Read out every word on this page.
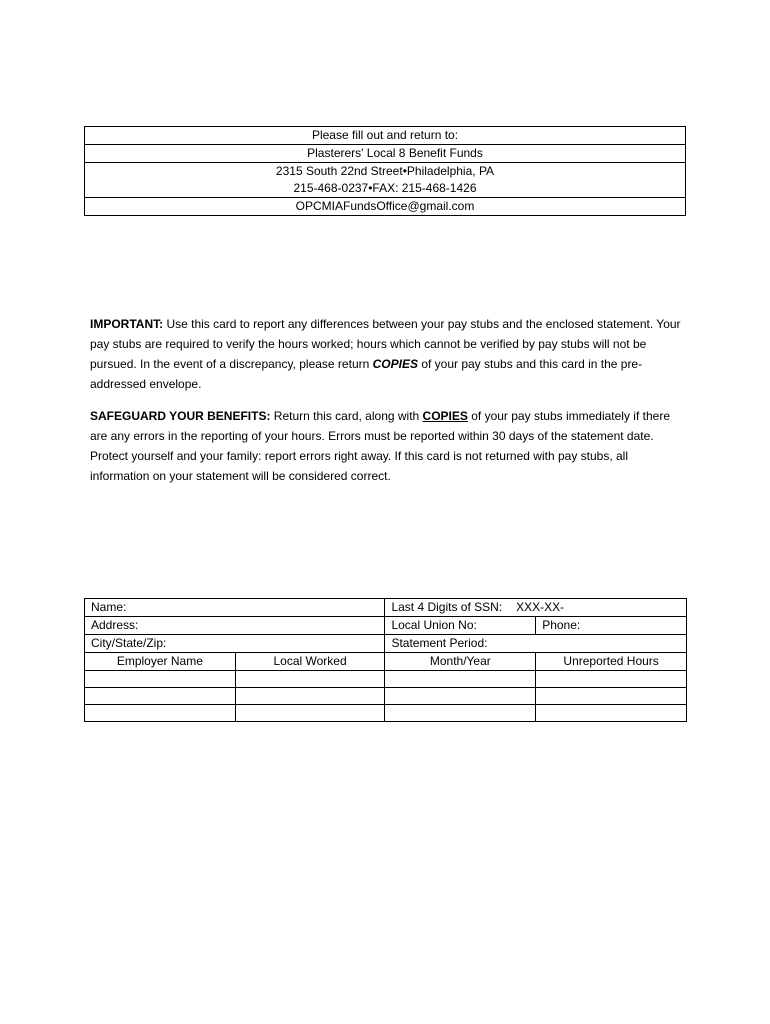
Please fill out and return to:
Plasterers' Local 8 Benefit Funds
2315 South 22nd Street•Philadelphia, PA
215-468-0237•FAX: 215-468-1426
OPCMIAFundsOffice@gmail.com

IMPORTANT: Use this card to report any differences between your pay stubs and the enclosed statement. Your pay stubs are required to verify the hours worked; hours which cannot be verified by pay stubs will not be pursued. In the event of a discrepancy, please return COPIES of your pay stubs and this card in the pre-addressed envelope.

SAFEGUARD YOUR BENEFITS: Return this card, along with COPIES of your pay stubs immediately if there are any errors in the reporting of your hours. Errors must be reported within 30 days of the statement date. Protect yourself and your family: report errors right away. If this card is not returned with pay stubs, all information on your statement will be considered correct.

Name:		Last 4 Digits of SSN: XXX-XX-	
Address:		Local Union No:	Phone:
City/State/Zip:		Statement Period:	
Employer Name	Local Worked	Month/Year	Unreported Hours
